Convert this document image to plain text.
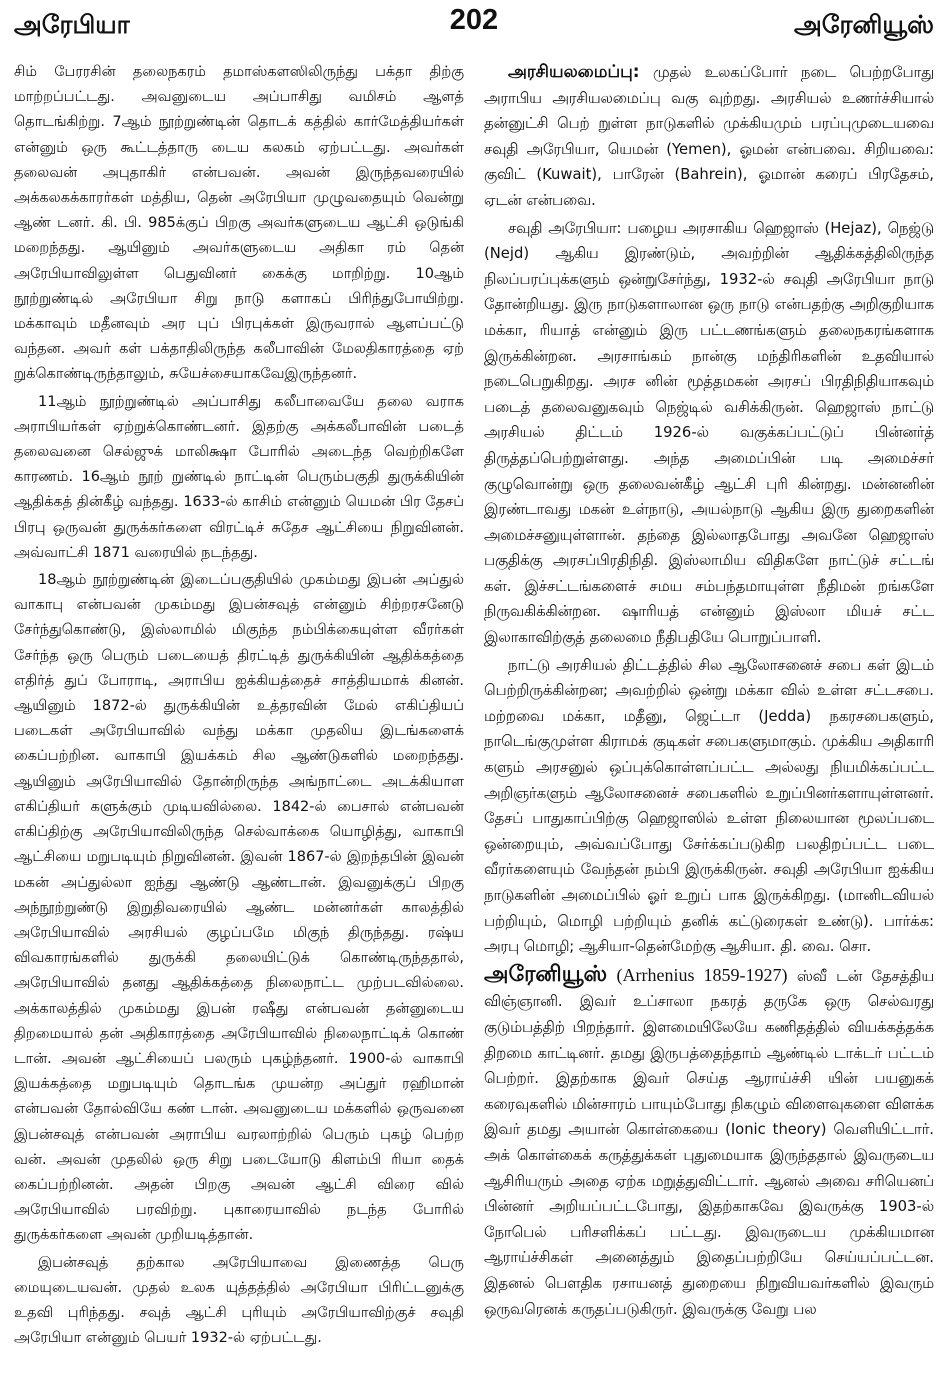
அரேபியா	202	அரேனியூஸ்

சிம் பேரரசின் தலைநகரம் தமாஸ்களஸிலிருந்து பக்தா திற்கு மாற்றப்பட்டது. அவனுடைய அப்பாசிது வமிசம் ஆளத் தொடங்கிற்று. 7ஆம் நூற்றுண்டின் தொடக் கத்தில் கார்மேத்தியர்கள் என்னும் ஒரு கூட்டத்தாரு டைய கலகம் ஏற்பட்டது. அவர்கள் தலைவன் அபுதாகிர் என்பவன். அவன் இருந்தவரையில் அக்கலகக்காரர்கள் மத்திய, தென் அரேபியா முழுவதையும் வென்று ஆண் டனர். கி. பி. 985க்குப் பிறகு அவர்களுடைய ஆட்சி ஒடுங்கி மறைந்தது. ஆயினும் அவர்களுடைய அதிகா ரம் தென் அரேபியாவிலுள்ள பெதுவினர் கைக்கு மாறிற்று. 10ஆம் நூற்றுண்டில் அரேபியா சிறு நாடு களாகப் பிரிந்துபோயிற்று. மக்காவும் மதீனவும் அர புப் பிரபுக்கள் இருவரால் ஆளப்பட்டு வந்தன. அவர் கள் பக்தாதிலிருந்த கலீபாவின் மேலதிகாரத்தை ஏற் றுக்கொண்டிருந்தாலும், சுயேச்சையாகவேஇருந்தனர்.

11ஆம் நூற்றுண்டில் அப்பாசிது கலீபாவையே தலை வராக அராபியர்கள் ஏற்றுக்கொண்டனர். இதற்கு அக்கலீபாவின் படைத் தலைவனை செல்ஜுக் மாலிக்ஷா போரில் அடைந்த வெற்றிகளே காரணம். 16ஆம் நூற் றுண்டில் நாட்டின் பெரும்பகுதி துருக்கியின் ஆதிக்கத் தின்கீழ் வந்தது. 1633-ல் காசிம் என்னும் யெமன் பிர தேசப் பிரபு ஒருவன் துருக்கர்களை விரட்டிச் சுதேச ஆட்சியை நிறுவினன். அவ்வாட்சி 1871 வரையில் நடந்தது.

18ஆம் நூற்றுண்டின் இடைப்பகுதியில் முகம்மது இபன் அப்துல் வாகாபு என்பவன் முகம்மது இபன்சவுத் என்னும் சிற்றரசனேடு சேர்ந்துகொண்டு, இஸ்லாமில் மிகுந்த நம்பிக்கையுள்ள வீரர்கள் சேர்ந்த ஒரு பெரும் படையைத் திரட்டித் துருக்கியின் ஆதிக்கத்தை எதிர்த் துப் போராடி, அராபிய ஐக்கியத்தைச் சாத்தியமாக் கினன். ஆயினும் 1872-ல் துருக்கியின் உத்தரவின் மேல் எகிப்தியப் படைகள் அரேபியாவில் வந்து மக்கா முதலிய இடங்களைக் கைப்பற்றின. வாகாபி இயக்கம் சில ஆண்டுகளில் மறைந்தது. ஆயினும் அரேபியாவில் தோன்றிருந்த அங்நாட்டை அடக்கியாள எகிப்தியர் களுக்கும் முடியவில்லை. 1842-ல் பைசால் என்பவன் எகிப்திற்கு அரேபியாவிலிருந்த செல்வாக்கை யொழித்து, வாகாபி ஆட்சியை மறுபடியும் நிறுவினன். இவன் 1867-ல் இறந்தபின் இவன் மகன் அப்துல்லா ஐந்து ஆண்டு ஆண்டான். இவனுக்குப் பிறகு அந்நூற்றுண்டு இறுதிவரையில் ஆண்ட மன்னர்கள் காலத்தில் அரேபியாவில் அரசியல் குழப்பமே மிகுந் திருந்தது. ரஷ்ய விவகாரங்களில் துருக்கி தலையிட்டுக் கொண்டிருந்ததால், அரேபியாவில் தனது ஆதிக்கத்தை நிலைநாட்ட முற்படவில்லை. அக்காலத்தில் முகம்மது இபன் ரஷீது என்பவன் தன்னுடைய திறமையால் தன் அதிகாரத்தை அரேபியாவில் நிலைநாட்டிக் கொண் டான். அவன் ஆட்சியைப் பலரும் புகழ்ந்தனர். 1900-ல் வாகாபி இயக்கத்தை மறுபடியும் தொடங்க முயன்ற அப்துர் ரஹிமான் என்பவன் தோல்வியே கண் டான். அவனுடைய மக்களில் ஒருவனை இபன்சவுத் என்பவன் அராபிய வரலாற்றில் பெரும் புகழ் பெற்ற வன். அவன் முதலில் ஒரு சிறு படையோடு கிளம்பி ரியா தைக் கைப்பற்றினன். அதன் பிறகு அவன் ஆட்சி விரை வில் அரேபியாவில் பரவிற்று. புகாரையாவில் நடந்த போரில் துருக்கர்களை அவன் முறியடித்தான்.

இபன்சவுத் தற்கால அரேபியாவை இணைத்த பெரு மையுடையவன். முதல் உலக யுத்தத்தில் அரேபியா பிரிட்டனுக்கு உதவி புரிந்தது. சவுத் ஆட்சி புரியும் அரேபியாவிற்குச் சவுதி அரேபியா என்னும் பெயர் 1932-ல் ஏற்பட்டது.

அரசியலமைப்பு: முதல் உலகப்போர் நடை பெற்றபோது அராபிய அரசியலமைப்பு வகு வுற்றது. அரசியல் உணர்ச்சியால் தன்னுட்சி பெற் றுள்ள நாடுகளில் முக்கியமும் பரப்புமுடையவை சவுதி அரேபியா, யெமன் (Yemen), ஓமன் என்பவை. சிறியவை: குவிட் (Kuwait), பாரேன் (Bahrein), ஓமான் கரைப் பிரதேசம், ஏடன் என்பவை.

சவுதி அரேபியா: பழைய அரசாகிய ஹெஜாஸ் (Hejaz), நெஜ்டு (Nejd) ஆகிய இரண்டும், அவற்றின் ஆதிக்கத்திலிருந்த நிலப்பரப்புக்களும் ஒன்றுசேர்ந்து, 1932-ல் சவுதி அரேபியா நாடு தோன்றியது. இரு நாடுகளாலான ஒரு நாடு என்பதற்கு அறிகுறியாக மக்கா, ரியாத் என்னும் இரு பட்டணங்களும் தலைநகரங்களாக இருக்கின்றன. அரசாங்கம் நான்கு மந்திரிகளின் உதவியால் நடைபெறுகிறது. அரச னின் மூத்தமகன் அரசப் பிரதிநிதியாகவும் படைத் தலைவனுகவும் நெஜ்டில் வசிக்கிருன். ஹெஜாஸ் நாட்டு அரசியல் திட்டம் 1926-ல் வகுக்கப்பட்டுப் பின்னர்த் திருத்தப்பெற்றுள்ளது. அந்த அமைப்பின் படி அமைச்சர் குழுவொன்று ஒரு தலைவன்கீழ் ஆட்சி புரி கின்றது. மன்னனின் இரண்டாவது மகன் உள்நாடு, அயல்நாடு ஆகிய இரு துறைகளின் அமைச்சனுயுள்ளான். தந்தை இல்லாதபோது அவனே ஹெஜாஸ் பகுதிக்கு அரசப்பிரதிநிதி. இஸ்லாமிய விதிகளே நாட்டுச் சட்டங் கள். இச்சட்டங்களைச் சமய சம்பந்தமாயுள்ள நீதிமன் றங்களே நிருவகிக்கின்றன. ஷாரியத் என்னும் இஸ்லா மியச் சட்ட இலாகாவிற்குத் தலைமை நீதிபதியே பொறுப்பாளி.

நாட்டு அரசியல் திட்டத்தில் சில ஆலோசனைச் சபை கள் இடம் பெற்றிருக்கின்றன; அவற்றில் ஒன்று மக்கா வில் உள்ள சட்டசபை. மற்றவை மக்கா, மதீனு, ஜெட்டா (Jedda) நகரசபைகளும், நாடெங்குமுள்ள கிராமக் குடிகள் சபைகளுமாகும். முக்கிய அதிகாரி களும் அரசனுல் ஒப்புக்கொள்ளப்பட்ட அல்லது நியமிக்கப்பட்ட அறிஞர்களும் ஆலோசனைச் சபைகளில் உறுப்பினர்களாயுள்ளனர். தேசப் பாதுகாப்பிற்கு ஹெஜாஸில் உள்ள நிலையான மூலப்படை ஒன்றையும், அவ்வப்போது சேர்க்கப்படுகிற பலதிறப்பட்ட படை வீரர்களையும் வேந்தன் நம்பி இருக்கிருன். சவுதி அரேபியா ஐக்கிய நாடுகளின் அமைப்பில் ஓர் உறுப் பாக இருக்கிறது. (மானிடவியல் பற்றியும், மொழி பற்றியும் தனிக் கட்டுரைகள் உண்டு). பார்க்க: அரபு மொழி; ஆசியா-தென்மேற்கு ஆசியா. தி. வை. சொ.

அரேனியூஸ் (Arrhenius 1859-1927) ஸ்வீ டன் தேசத்திய விஞ்ஞானி. இவர் உப்சாலா நகரத் தருகே ஒரு செல்வரது குடும்பத்திற் பிறந்தார். இளமையிலேயே கணிதத்தில் வியக்கத்தக்க திறமை காட்டினர். தமது இருபத்தைந்தாம் ஆண்டில் டாக்டர் பட்டம் பெற்றர். இதற்காக இவர் செய்த ஆராய்ச்சி யின் பயனுகக் கரைவுகளில் மின்சாரம் பாயும்போது நிகழும் விளைவுகளை விளக்க இவர் தமது அயான் கொள்கையை (Ionic theory) வெளியிட்டார். அக் கொள்கைக் கருத்துக்கள் புதுமையாக இருந்ததால் இவருடைய ஆசிரியரும் அதை ஏற்க மறுத்துவிட்டார். ஆனல் அவை சரியெனப் பின்னர் அறியப்பட்டபோது, இதற்காகவே இவருக்கு 1903-ல் நோபெல் பரிசளிக்கப் பட்டது. இவருடைய முக்கியமான ஆராய்ச்சிகள் அனைத்தும் இதைப்பற்றியே செய்யப்பட்டன. இதனல் பௌதிக ரசாயனத் துறையை நிறுவியவர்களில் இவரும் ஒருவரெனக் கருதப்படுகிருர். இவருக்கு வேறு பல
